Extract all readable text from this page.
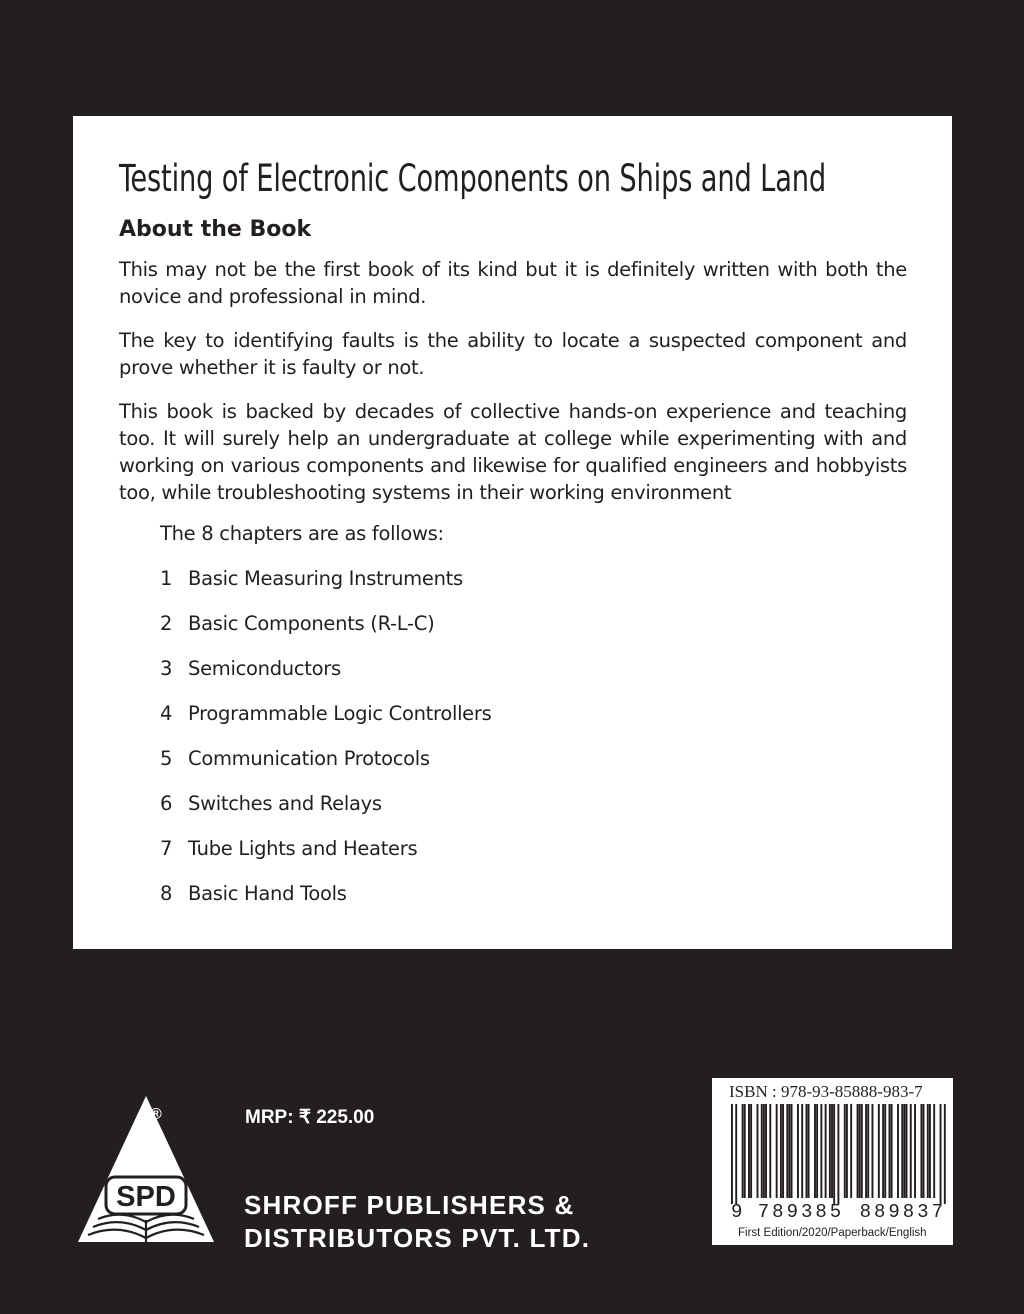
Testing of Electronic Components on Ships and Land
About the Book

This may not be the first book of its kind but it is definitely written with both the novice and professional in mind.

The key to identifying faults is the ability to locate a suspected component and prove whether it is faulty or not.

This book is backed by decades of collective hands-on experience and teaching too. It will surely help an undergraduate at college while experimenting with and working on various components and likewise for qualified engineers and hobbyists too, while troubleshooting systems in their working environment

The 8 chapters are as follows:
1 Basic Measuring Instruments
2 Basic Components (R-L-C)
3 Semiconductors
4 Programmable Logic Controllers
5 Communication Protocols
6 Switches and Relays
7 Tube Lights and Heaters
8 Basic Hand Tools
SPD
®	MRP: ₹ 225.00
SHROFF PUBLISHERS &
DISTRIBUTORS PVT. LTD.
ISBN : 978-93-85888-983-7
9 789385 889837
First Edition/2020/Paperback/English
